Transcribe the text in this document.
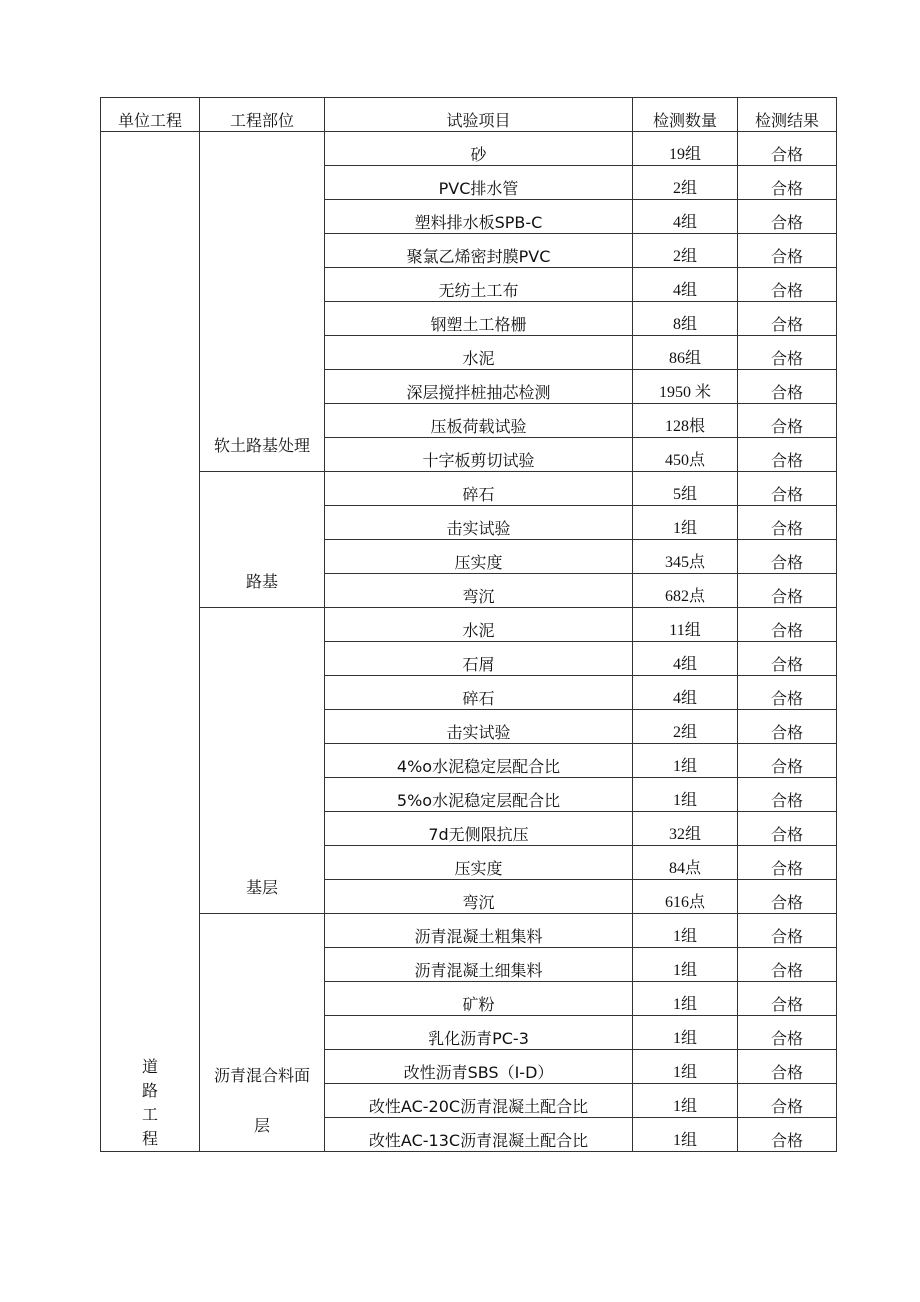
单位工程	工程部位	试验项目	检测数量	检测结果
道路工程	软土路基处理	砂	19组	合格
		PVC排水管	2组	合格
		塑料排水板SPB-C	4组	合格
		聚氯乙烯密封膜PVC	2组	合格
		无纺土工布	4组	合格
		钢塑土工格栅	8组	合格
		水泥	86组	合格
		深层搅拌桩抽芯检测	1950 米	合格
		压板荷载试验	128根	合格
		十字板剪切试验	450点	合格
	路基	碎石	5组	合格
		击实试验	1组	合格
		压实度	345点	合格
		弯沉	682点	合格
	基层	水泥	11组	合格
		石屑	4组	合格
		碎石	4组	合格
		击实试验	2组	合格
		4%o水泥稳定层配合比	1组	合格
		5%o水泥稳定层配合比	1组	合格
		7d无侧限抗压	32组	合格
		压实度	84点	合格
		弯沉	616点	合格
	沥青混合料面层	沥青混凝土粗集料	1组	合格
		沥青混凝土细集料	1组	合格
		矿粉	1组	合格
		乳化沥青PC-3	1组	合格
		改性沥青SBS（I-D）	1组	合格
		改性AC-20C沥青混凝土配合比	1组	合格
		改性AC-13C沥青混凝土配合比	1组	合格
